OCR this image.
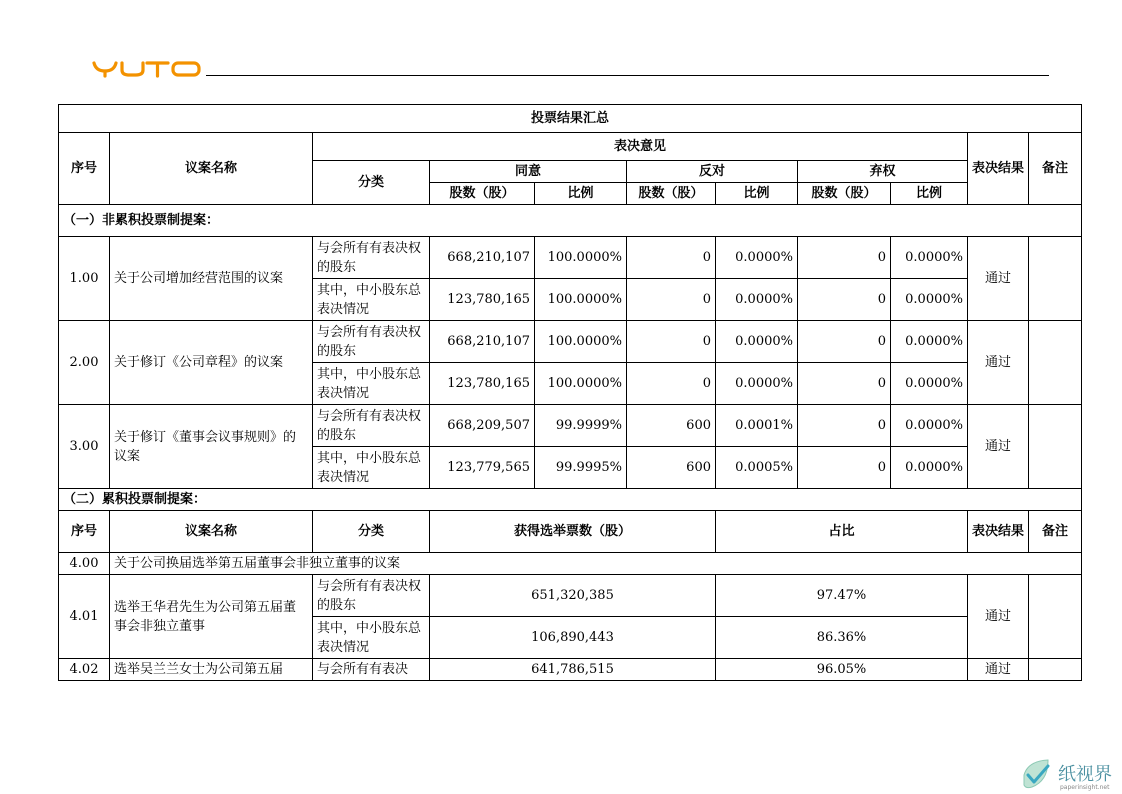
投票结果汇总										
序号	议案名称	表决意见							表决结果	备注
		分类	同意		反对		弃权			
			股数（股）	比例	股数（股）	比例	股数（股）	比例		
（一）非累积投票制提案：										
1.00	关于公司增加经营范围的议案	与会所有有表决权的股东	668,210,107	100.0000%	0	0.0000%	0	0.0000%	通过	
		其中，中小股东总表决情况	123,780,165	100.0000%	0	0.0000%	0	0.0000%		
2.00	关于修订《公司章程》的议案	与会所有有表决权的股东	668,210,107	100.0000%	0	0.0000%	0	0.0000%	通过	
		其中，中小股东总表决情况	123,780,165	100.0000%	0	0.0000%	0	0.0000%		
3.00	关于修订《董事会议事规则》的议案	与会所有有表决权的股东	668,209,507	99.9999%	600	0.0001%	0	0.0000%	通过	
		其中，中小股东总表决情况	123,779,565	99.9995%	600	0.0005%	0	0.0000%		
（二）累积投票制提案：										
序号	议案名称	分类	获得选举票数（股）			占比			表决结果	备注
4.00	关于公司换届选举第五届董事会非独立董事的议案									
4.01	选举王华君先生为公司第五届董事会非独立董事	与会所有有表决权的股东	651,320,385			97.47%			通过	
		其中，中小股东总表决情况	106,890,443			86.36%				
4.02	选举吴兰兰女士为公司第五届	与会所有有表决	641,786,515			96.05%			通过	
纸视界
paperinsight.net
